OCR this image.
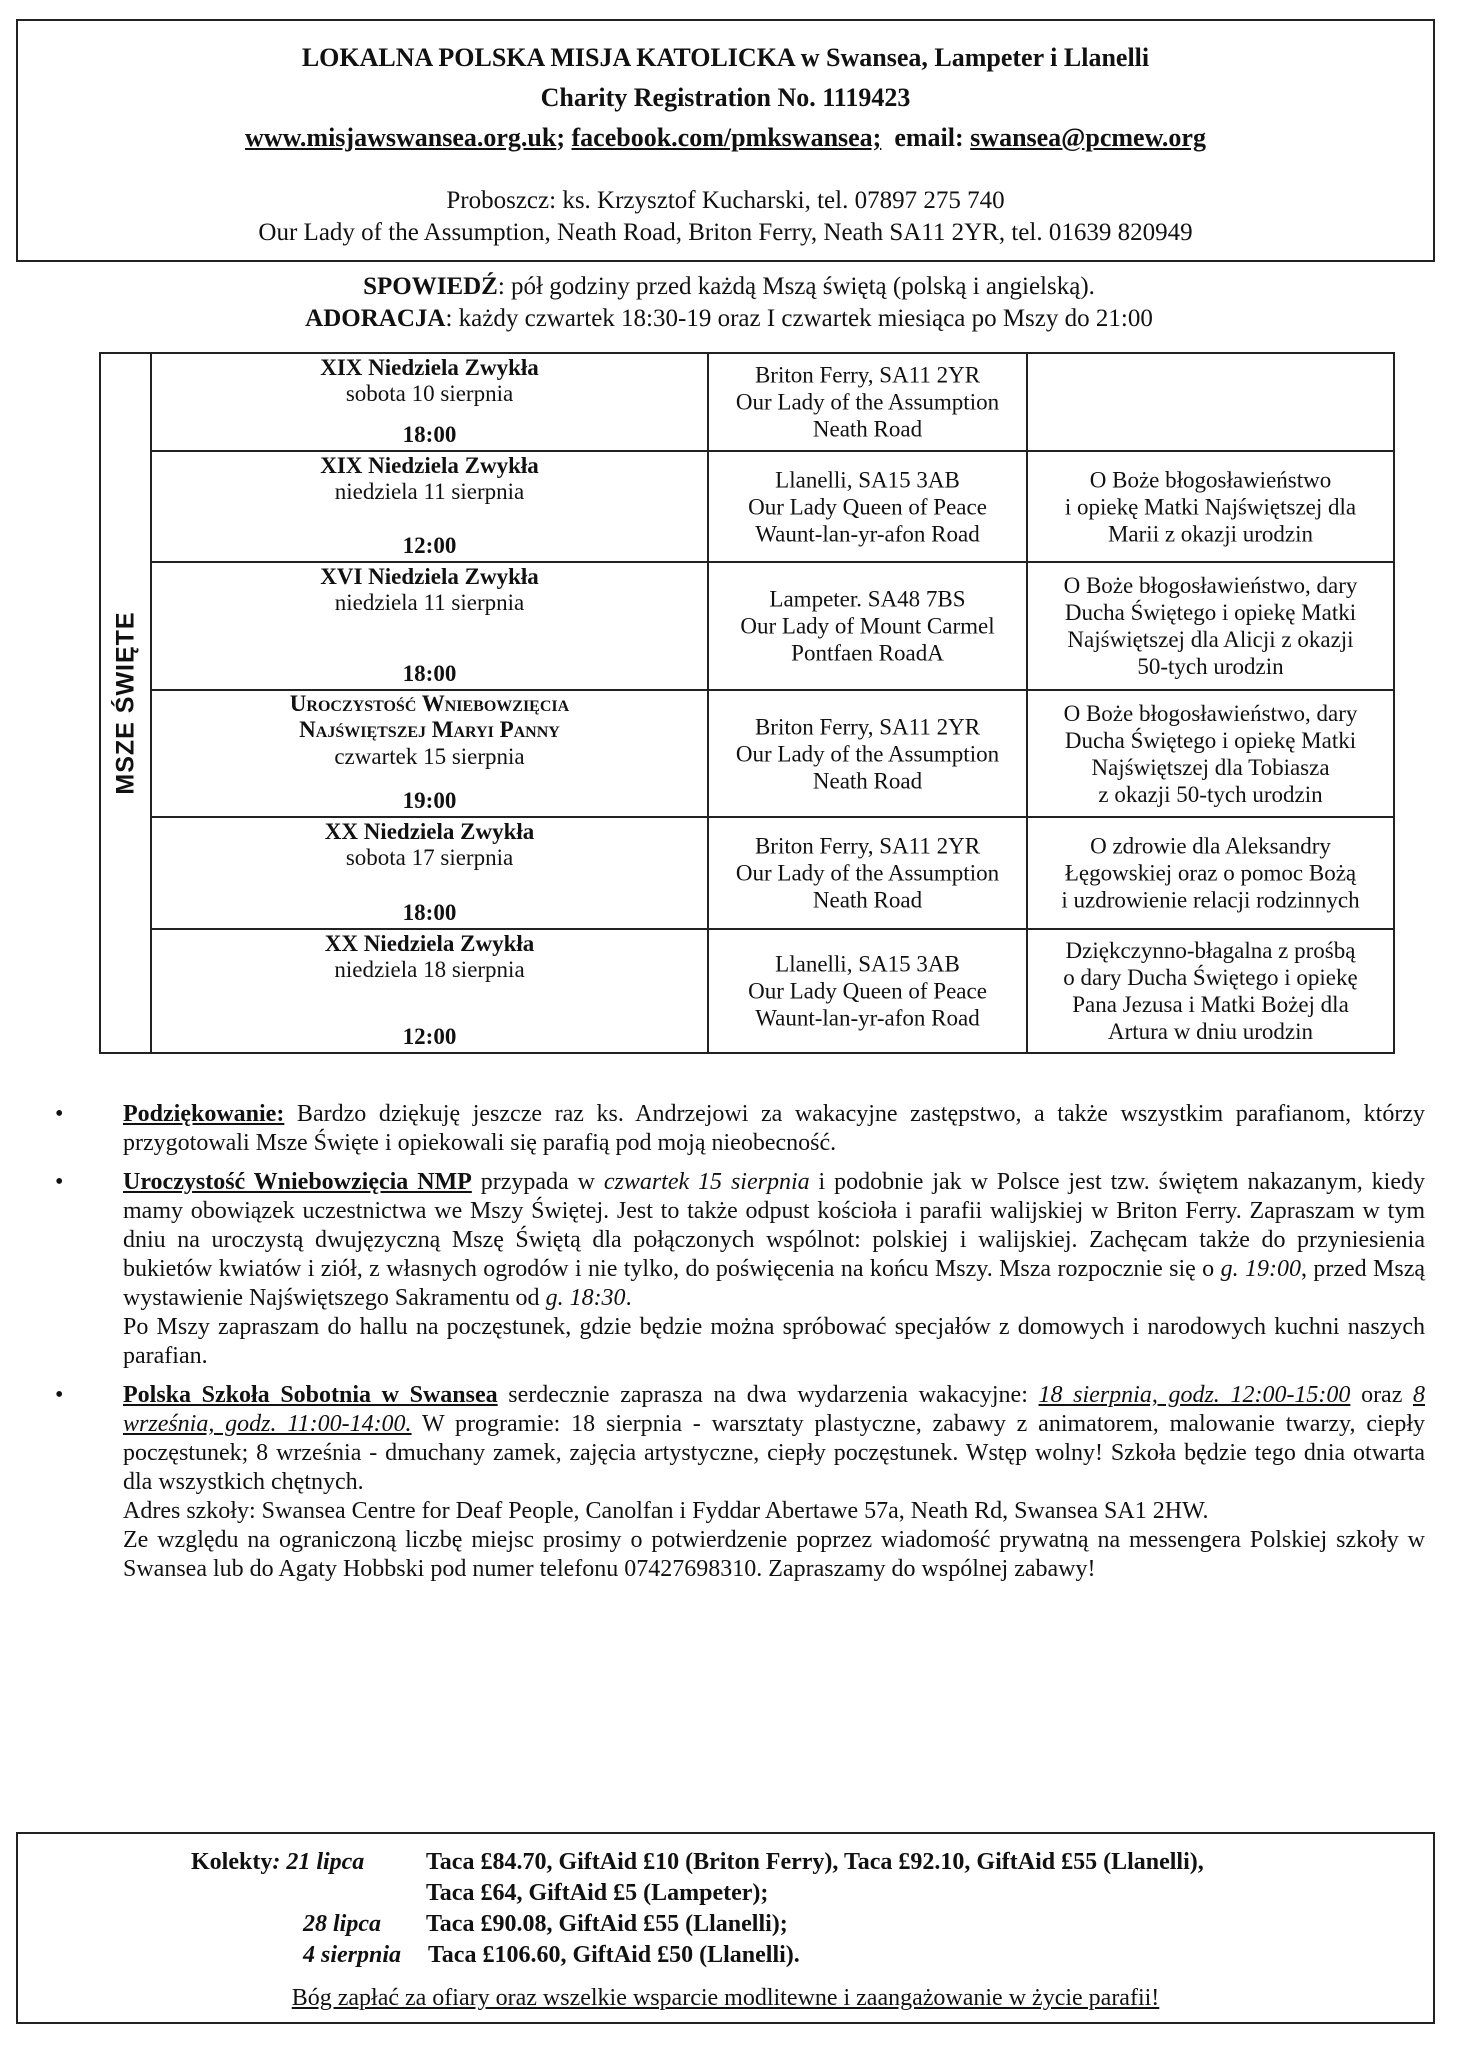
LOKALNA POLSKA MISJA KATOLICKA w Swansea, Lampeter i Llanelli
Charity Registration No. 1119423
www.misjawswansea.org.uk; facebook.com/pmkswansea; email: swansea@pcmew.org
Proboszcz: ks. Krzysztof Kucharski, tel. 07897 275 740
Our Lady of the Assumption, Neath Road, Briton Ferry, Neath SA11 2YR, tel. 01639 820949
SPOWIEDŹ: pół godziny przed każdą Mszą świętą (polską i angielską).
ADORACJA: każdy czwartek 18:30-19 oraz I czwartek miesiąca po Mszy do 21:00
MSZE ŚWIĘTE
XIX Niedziela Zwykła
sobota 10 sierpnia
18:00
Briton Ferry, SA11 2YR
Our Lady of the Assumption
Neath Road
XIX Niedziela Zwykła
niedziela 11 sierpnia
12:00
Llanelli, SA15 3AB
Our Lady Queen of Peace
Waunt-lan-yr-afon Road
O Boże błogosławieństwo
i opiekę Matki Najświętszej dla
Marii z okazji urodzin
XVI Niedziela Zwykła
niedziela 11 sierpnia
18:00
Lampeter. SA48 7BS
Our Lady of Mount Carmel
Pontfaen RoadA
O Boże błogosławieństwo, dary
Ducha Świętego i opiekę Matki
Najświętszej dla Alicji z okazji
50-tych urodzin
Uroczystość Wniebowzięcia
Najświętszej Maryi Panny
czwartek 15 sierpnia
19:00
Briton Ferry, SA11 2YR
Our Lady of the Assumption
Neath Road
O Boże błogosławieństwo, dary
Ducha Świętego i opiekę Matki
Najświętszej dla Tobiasza
z okazji 50-tych urodzin
XX Niedziela Zwykła
sobota 17 sierpnia
18:00
Briton Ferry, SA11 2YR
Our Lady of the Assumption
Neath Road
O zdrowie dla Aleksandry
Łęgowskiej oraz o pomoc Bożą
i uzdrowienie relacji rodzinnych
XX Niedziela Zwykła
niedziela 18 sierpnia
12:00
Llanelli, SA15 3AB
Our Lady Queen of Peace
Waunt-lan-yr-afon Road
Dziękczynno-błagalna z prośbą
o dary Ducha Świętego i opiekę
Pana Jezusa i Matki Bożej dla
Artura w dniu urodzin
• Podziękowanie: Bardzo dziękuję jeszcze raz ks. Andrzejowi za wakacyjne zastępstwo, a także wszystkim parafianom, którzy przygotowali Msze Święte i opiekowali się parafią pod moją nieobecność.

• Uroczystość Wniebowzięcia NMP przypada w czwartek 15 sierpnia i podobnie jak w Polsce jest tzw. świętem nakazanym, kiedy mamy obowiązek uczestnictwa we Mszy Świętej. Jest to także odpust kościoła i parafii walijskiej w Briton Ferry. Zapraszam w tym dniu na uroczystą dwujęzyczną Mszę Świętą dla połączonych wspólnot: polskiej i walijskiej. Zachęcam także do przyniesienia bukietów kwiatów i ziół, z własnych ogrodów i nie tylko, do poświęcenia na końcu Mszy. Msza rozpocznie się o g. 19:00, przed Mszą wystawienie Najświętszego Sakramentu od g. 18:30.

Po Mszy zapraszam do hallu na poczęstunek, gdzie będzie można spróbować specjałów z domowych i narodowych kuchni naszych parafian.

• Polska Szkoła Sobotnia w Swansea serdecznie zaprasza na dwa wydarzenia wakacyjne: 18 sierpnia, godz. 12:00-15:00 oraz 8 września, godz. 11:00-14:00. W programie: 18 sierpnia - warsztaty plastyczne, zabawy z animatorem, malowanie twarzy, ciepły poczęstunek; 8 września - dmuchany zamek, zajęcia artystyczne, ciepły poczęstunek. Wstęp wolny! Szkoła będzie tego dnia otwarta dla wszystkich chętnych.

Adres szkoły: Swansea Centre for Deaf People, Canolfan i Fyddar Abertawe 57a, Neath Rd, Swansea SA1 2HW.

Ze względu na ograniczoną liczbę miejsc prosimy o potwierdzenie poprzez wiadomość prywatną na messengera Polskiej szkoły w Swansea lub do Agaty Hobbski pod numer telefonu 07427698310. Zapraszamy do wspólnej zabawy!

Kolekty: 21 lipca	Taca £84.70, GiftAid £10 (Briton Ferry), Taca £92.10, GiftAid £55 (Llanelli),
Taca £64, GiftAid £5 (Lampeter);
28 lipca Taca £90.08, GiftAid £55 (Llanelli);
4 sierpnia Taca £106.60, GiftAid £50 (Llanelli).
Bóg zapłać za ofiary oraz wszelkie wsparcie modlitewne i zaangażowanie w życie parafii!
